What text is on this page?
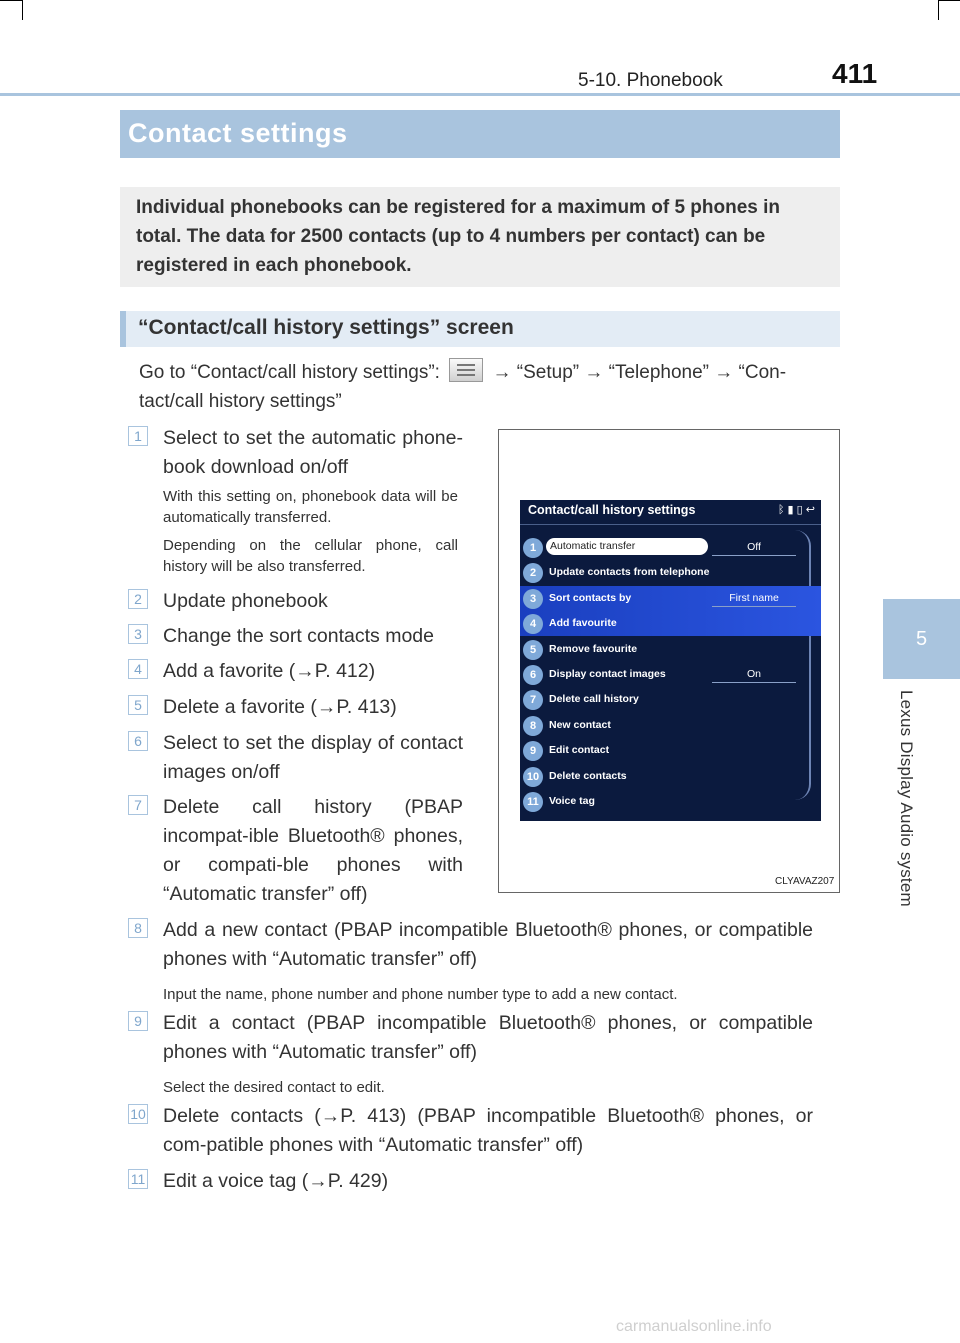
5-10. Phonebook	411
5
Lexus Display Audio system
Contact settings
Individual phonebooks can be registered for a maximum of 5 phones in total. The data for 2500 contacts (up to 4 numbers per contact) can be registered in each phonebook.
“Contact/call history settings” screen
Go to “Contact/call history settings”:	→ “Setup” → “Telephone” → “Con-tact/call history settings”
Contact/call history settings	ᛒ ▮ ▯ ↩
1	Automatic transfer	Off
2	Update contacts from telephone
3	Sort contacts by	First name
4	Add favourite
5	Remove favourite
6	Display contact images	On
7	Delete call history
8	New contact
9	Edit contact
10 Delete contacts
11 Voice tag
CLYAVAZ207
1	Select to set the automatic phone-book download on/off
With this setting on, phonebook data will be automatically transferred.
Depending on the cellular phone, call history will be also transferred.
2	Update phonebook
3	Change the sort contacts mode
4	Add a favorite (→P. 412)
5	Delete a favorite (→P. 413)
6	Select to set the display of contact images on/off
7	Delete call history (PBAP incompat-ible Bluetooth® phones, or compati-ble phones with “Automatic transfer” off)
8	Add a new contact (PBAP incompatible Bluetooth® phones, or compatible phones with “Automatic transfer” off)
Input the name, phone number and phone number type to add a new contact.
9	Edit a contact (PBAP incompatible Bluetooth® phones, or compatible phones with “Automatic transfer” off)
Select the desired contact to edit.
10 Delete contacts (→P. 413) (PBAP incompatible Bluetooth® phones, or com-patible phones with “Automatic transfer” off)
11 Edit a voice tag (→P. 429)
carmanualsonline.info
